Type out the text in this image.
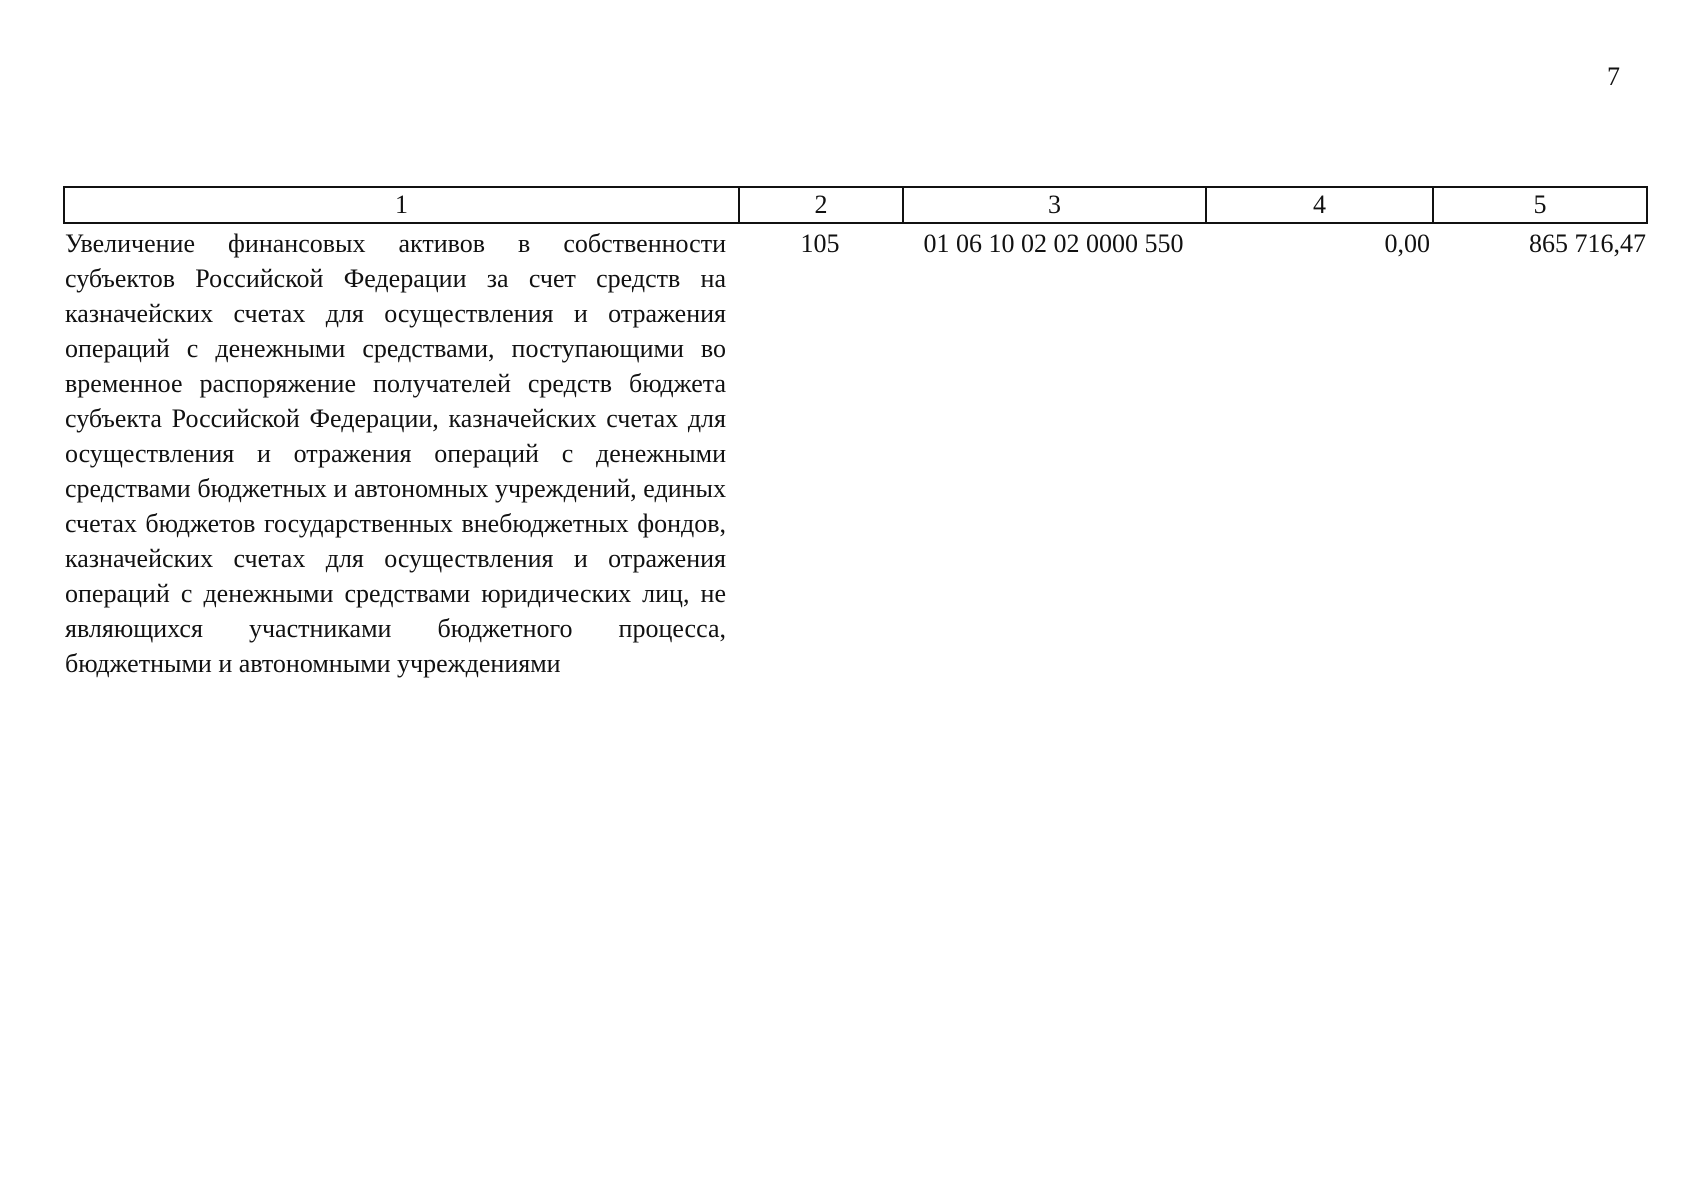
7
1	2	3	4	5
Увеличение финансовых активов в собственности субъектов Российской Федерации за счет средств на казначейских счетах для осуществления и отражения операций с денежными средствами, поступающими во временное распоряжение получателей средств бюджета субъекта Российской Федерации, казначейских счетах для осуществления и отражения операций с денежными средствами бюджетных и автономных учреждений, единых счетах бюджетов государственных внебюджетных фондов, казначейских счетах для осуществления и отражения операций с денежными средствами юридических лиц, не являющихся участниками бюджетного процесса, бюджетными и автономными учреждениями	105	01 06 10 02 02 0000 550	0,00	865 716,47
